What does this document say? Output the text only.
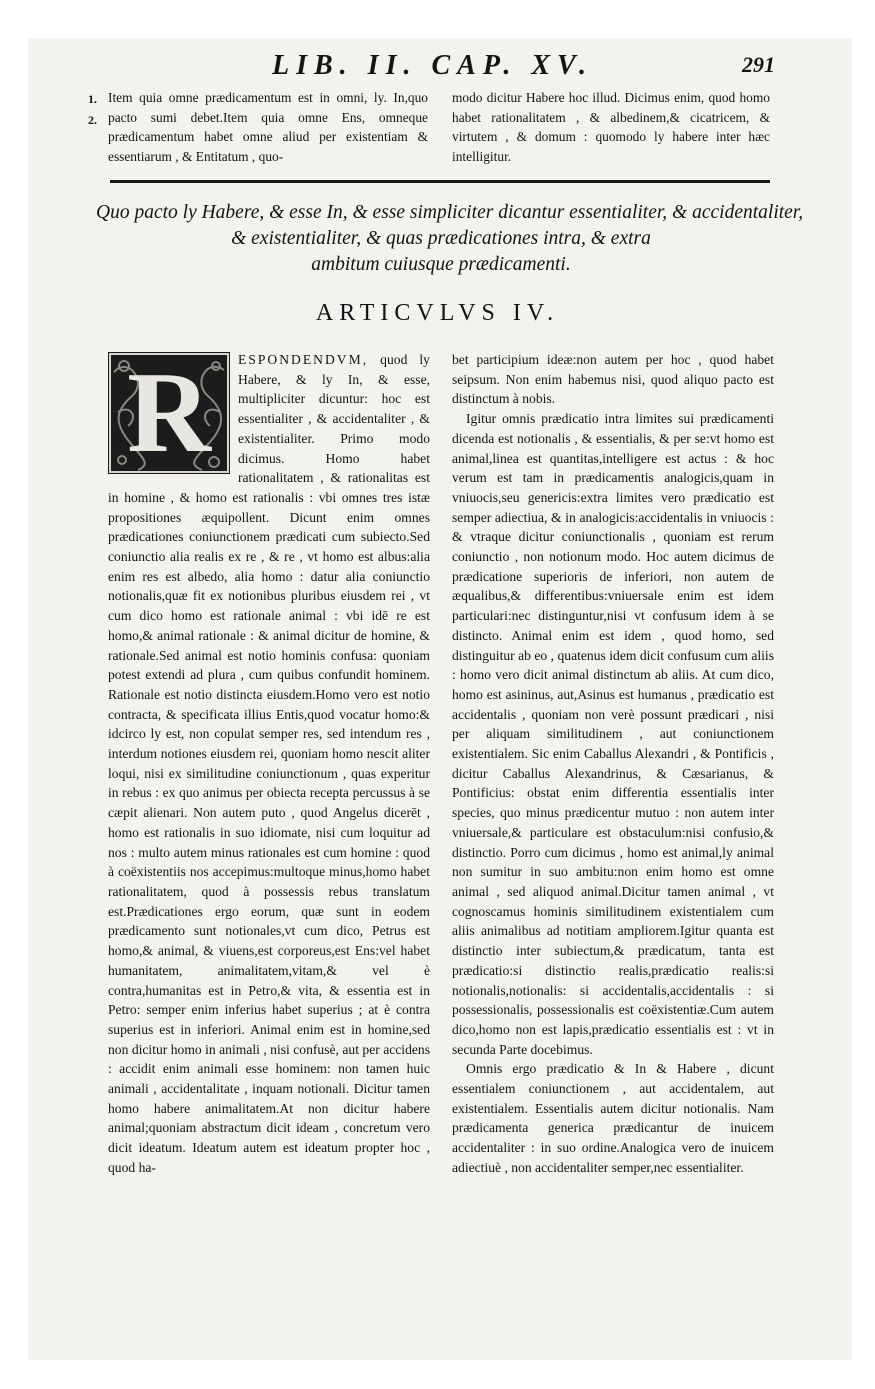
LIB. II. CAP. XV.	291
1.
2.

Item quia omne prædicamentum est in omni, ly. In,quo pacto sumi debet.Item quia omne Ens, omneque prædicamentum habet omne aliud per existentiam & essentiarum , & Entitatum , quo-

modo dicitur Habere hoc illud. Dicimus enim, quod homo habet rationalitatem , & albedinem,& cicatricem, & virtutem , & domum : quomodo ly habere inter hæc intelligitur.

Quo pacto ly Habere, & esse In, & esse simpliciter dicantur essentialiter, & accidentaliter,
& existentialiter, & quas prædicationes intra, & extra
ambitum cuiusque prædicamenti.
ARTICVLVS IV.
R	ESPONDENDVM, quod ly Habere, & ly In, & esse, multipliciter dicuntur: hoc est essentialiter , & accidentaliter , & existentialiter. Primo modo dicimus. Homo habet rationalitatem , & rationalitas est in homine , & homo est rationalis : vbi omnes tres istæ propositiones æquipollent. Dicunt enim omnes prædicationes coniunctionem prædicati cum subiecto.Sed coniunctio alia realis ex re , & re , vt homo est albus:alia enim res est albedo, alia homo : datur alia coniunctio notionalis,quæ fit ex notionibus pluribus eiusdem rei , vt cum dico homo est rationale animal : vbi idē re est homo,& animal rationale : & animal dicitur de homine, & rationale.Sed animal est notio hominis confusa: quoniam potest extendi ad plura , cum quibus confundit hominem. Rationale est notio distincta eiusdem.Homo vero est notio contracta, & specificata illius Entis,quod vocatur homo:& idcirco ly est, non copulat semper res, sed intendum res , interdum notiones eiusdem rei, quoniam homo nescit aliter loqui, nisi ex similitudine coniunctionum , quas experitur in rebus : ex quo animus per obiecta recepta percussus à se cæpit alienari. Non autem puto , quod Angelus dicerēt , homo est rationalis in suo idiomate, nisi cum loquitur ad nos : multo autem minus rationales est cum homine : quod à coëxistentiis nos accepimus:multoque minus,homo habet rationalitatem, quod à possessis rebus translatum est.Prædicationes ergo eorum, quæ sunt in eodem prædicamento sunt notionales,vt cum dico, Petrus est homo,& animal, & viuens,est corporeus,est Ens:vel habet humanitatem, animalitatem,vitam,& vel è contra,humanitas est in Petro,& vita, & essentia est in Petro: semper enim inferius habet superius ; at è contra superius est in inferiori. Animal enim est in homine,sed non dicitur homo in animali , nisi confusè, aut per accidens : accidit enim animali esse hominem: non tamen huic animali , accidentalitate , inquam notionali. Dicitur tamen homo habere animalitatem.At non dicitur habere animal;quoniam abstractum dicit ideam , concretum vero dicit ideatum. Ideatum autem est ideatum propter hoc , quod ha-

bet participium ideæ:non autem per hoc , quod habet seipsum. Non enim habemus nisi, quod aliquo pacto est distinctum à nobis.

Igitur omnis prædicatio intra limites sui prædicamenti dicenda est notionalis , & essentialis, & per se:vt homo est animal,linea est quantitas,intelligere est actus : & hoc verum est tam in prædicamentis analogicis,quam in vniuocis,seu genericis:extra limites vero prædicatio est semper adiectiua, & in analogicis:accidentalis in vniuocis : & vtraque dicitur coniunctionalis , quoniam est rerum coniunctio , non notionum modo. Hoc autem dicimus de prædicatione superioris de inferiori, non autem de æqualibus,& differentibus:vniuersale enim est idem particulari:nec distinguntur,nisi vt confusum idem à se distincto. Animal enim est idem , quod homo, sed distinguitur ab eo , quatenus idem dicit confusum cum aliis : homo vero dicit animal distinctum ab aliis. At cum dico, homo est asininus, aut,Asinus est humanus , prædicatio est accidentalis , quoniam non verè possunt prædicari , nisi per aliquam similitudinem , aut coniunctionem existentialem. Sic enim Caballus Alexandri , & Pontificis , dicitur Caballus Alexandrinus, & Cæsarianus, & Pontificius: obstat enim differentia essentialis inter species, quo minus prædicentur mutuo : non autem inter vniuersale,& particulare est obstaculum:nisi confusio,& distinctio. Porro cum dicimus , homo est animal,ly animal non sumitur in suo ambitu:non enim homo est omne animal , sed aliquod animal.Dicitur tamen animal , vt cognoscamus hominis similitudinem existentialem cum aliis animalibus ad notitiam ampliorem.Igitur quanta est distinctio inter subiectum,& prædicatum, tanta est prædicatio:si distinctio realis,prædicatio realis:si notionalis,notionalis: si accidentalis,accidentalis : si possessionalis, possessionalis est coëxistentiæ.Cum autem dico,homo non est lapis,prædicatio essentialis est : vt in secunda Parte docebimus.

Omnis ergo prædicatio & In & Habere , dicunt essentialem coniunctionem , aut accidentalem, aut existentialem. Essentialis autem dicitur notionalis. Nam prædicamenta generica prædicantur de inuicem accidentaliter : in suo ordine.Analogica vero de inuicem adiectiuè , non accidentaliter semper,nec essentialiter.
